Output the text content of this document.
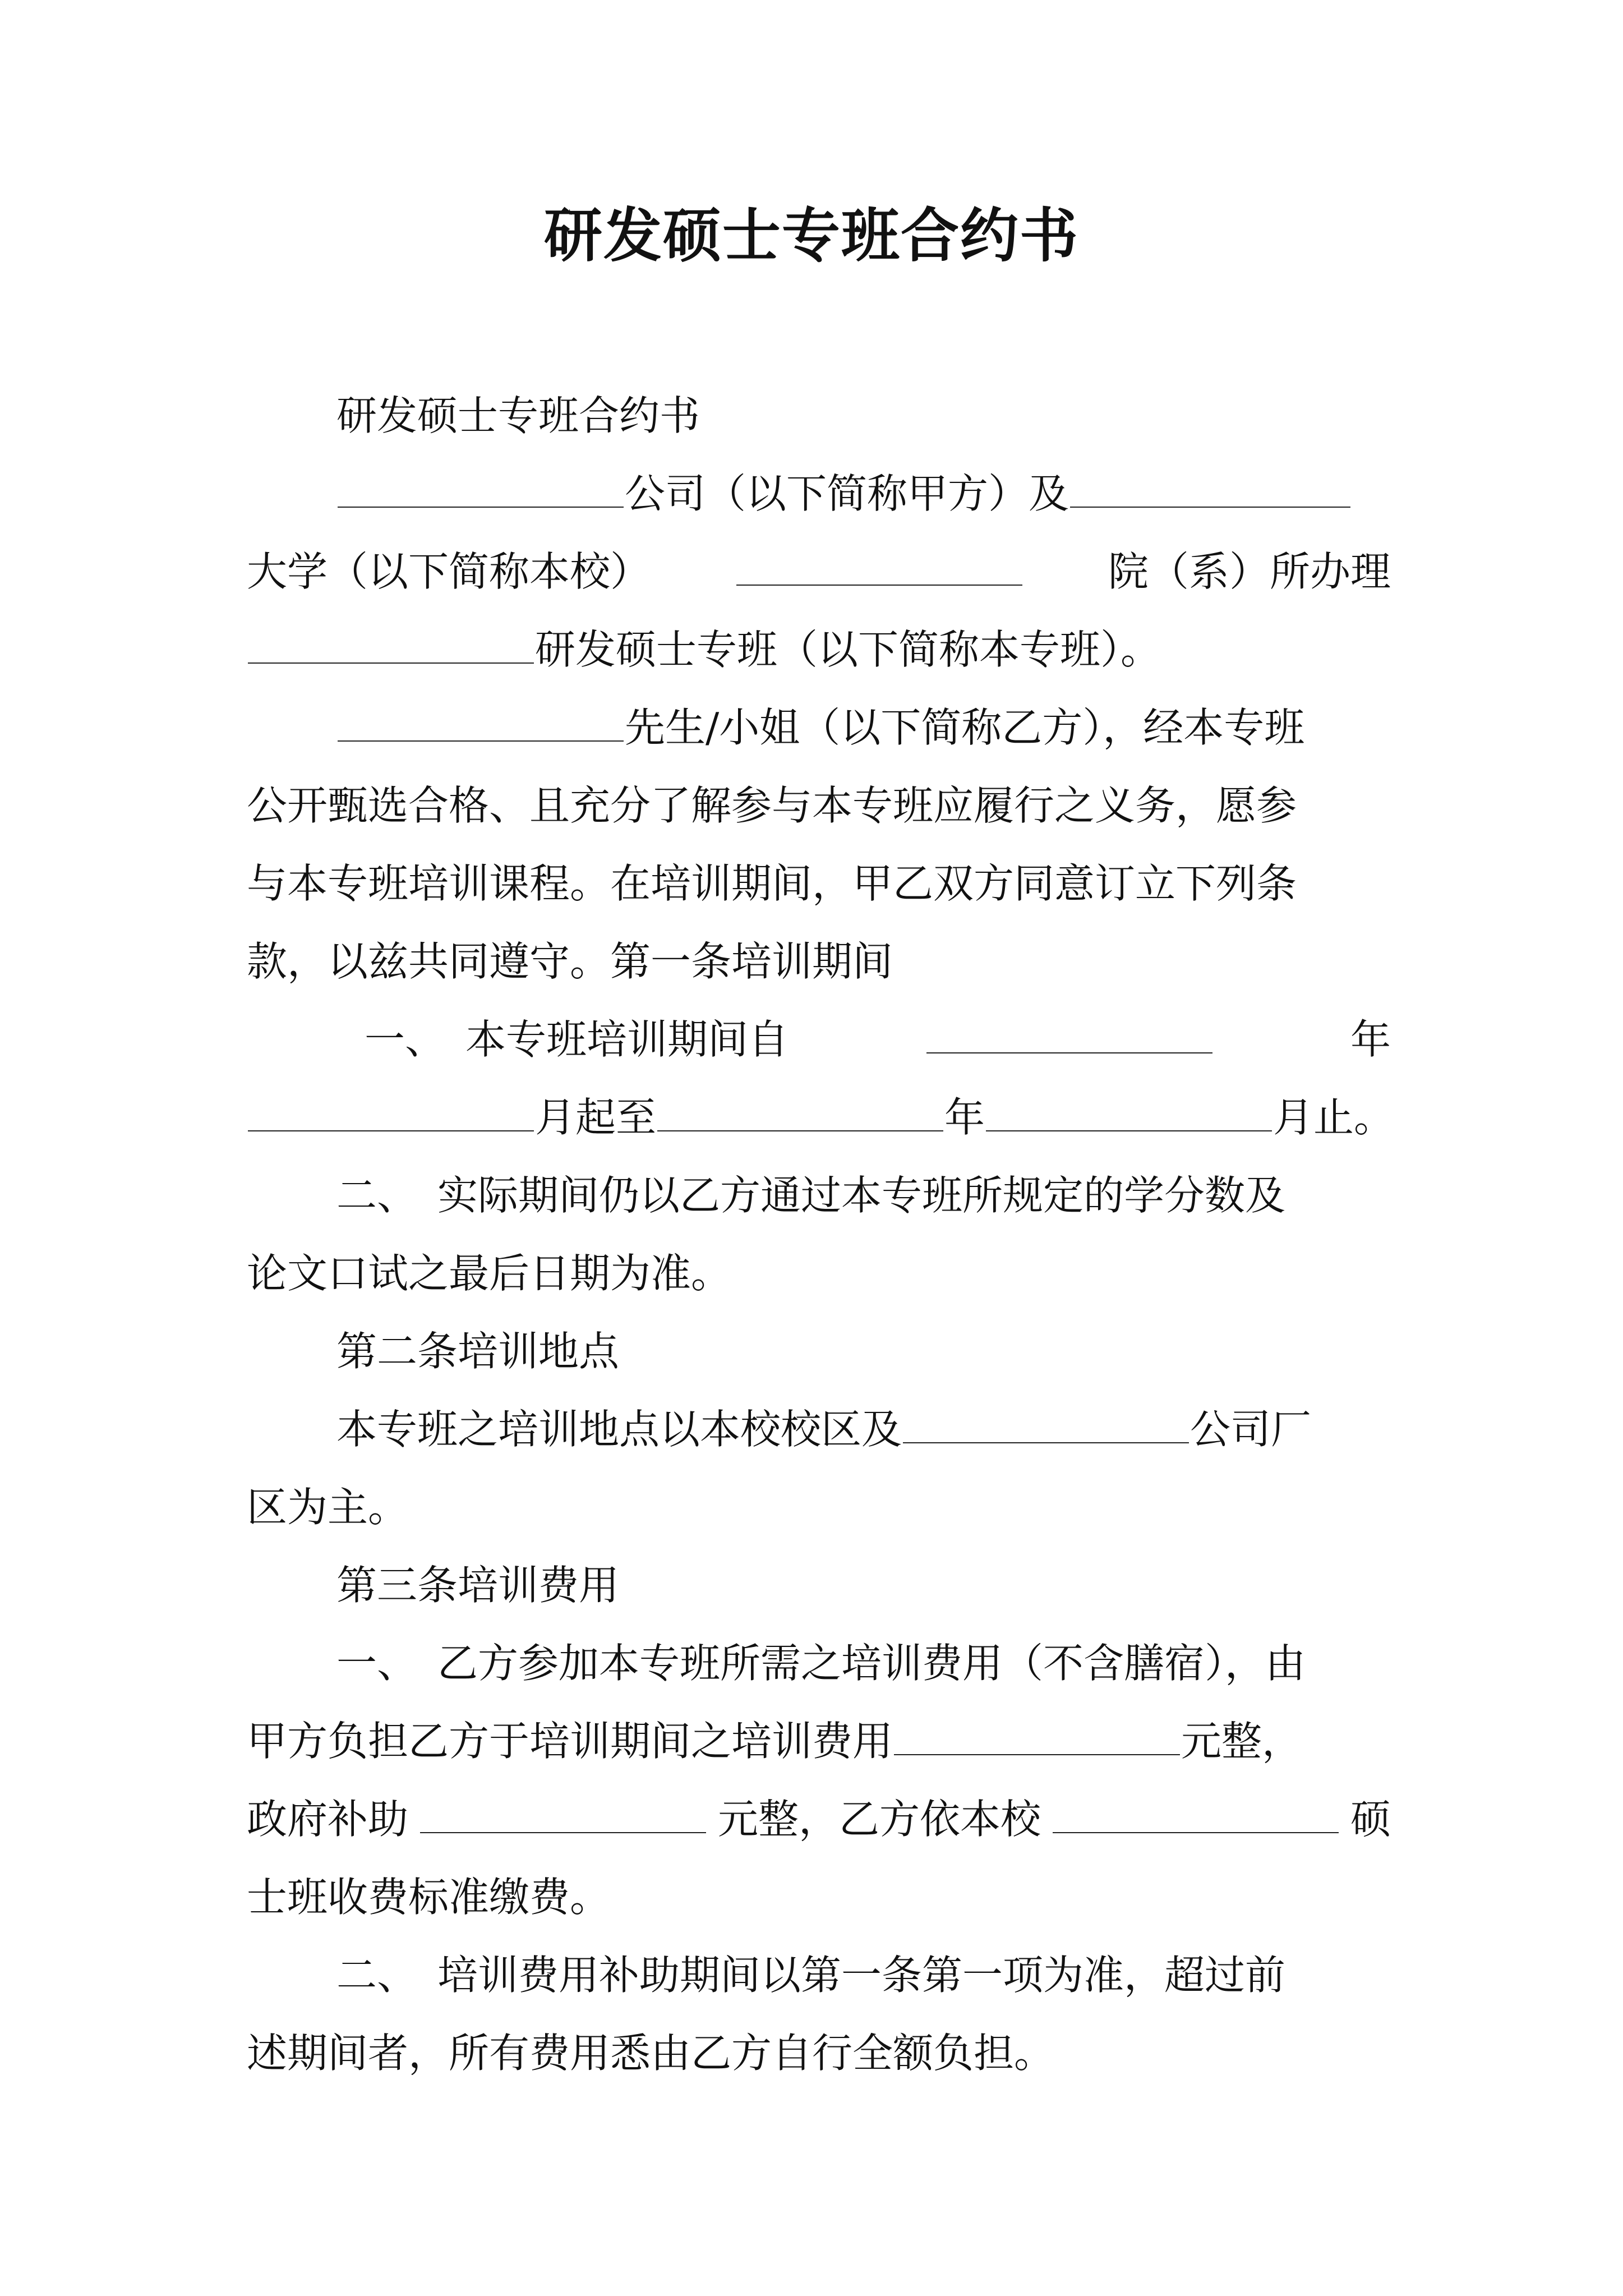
研发硕士专班合约书
研发硕士专班合约书
公司（以下简称甲方）及
大学（以下简称本校）	院（系）所办理
研发硕士专班（以下简称本专班）。
先生/小姐（以下简称乙方），经本专班
公开甄选合格、且充分了解参与本专班应履行之义务，愿参
与本专班培训课程。在培训期间，甲乙双方同意订立下列条
款，以兹共同遵守。第一条培训期间
一、　本专班培训期间自	年
月起至	年	月止。
二、　实际期间仍以乙方通过本专班所规定的学分数及
论文口试之最后日期为准。
第二条培训地点
本专班之培训地点以本校校区及	公司厂
区为主。
第三条培训费用
一、　乙方参加本专班所需之培训费用（不含膳宿），由
甲方负担乙方于培训期间之培训费用	元整，
政府补助	元整，乙方依本校	硕
士班收费标准缴费。
二、　培训费用补助期间以第一条第一项为准，超过前
述期间者，所有费用悉由乙方自行全额负担。
